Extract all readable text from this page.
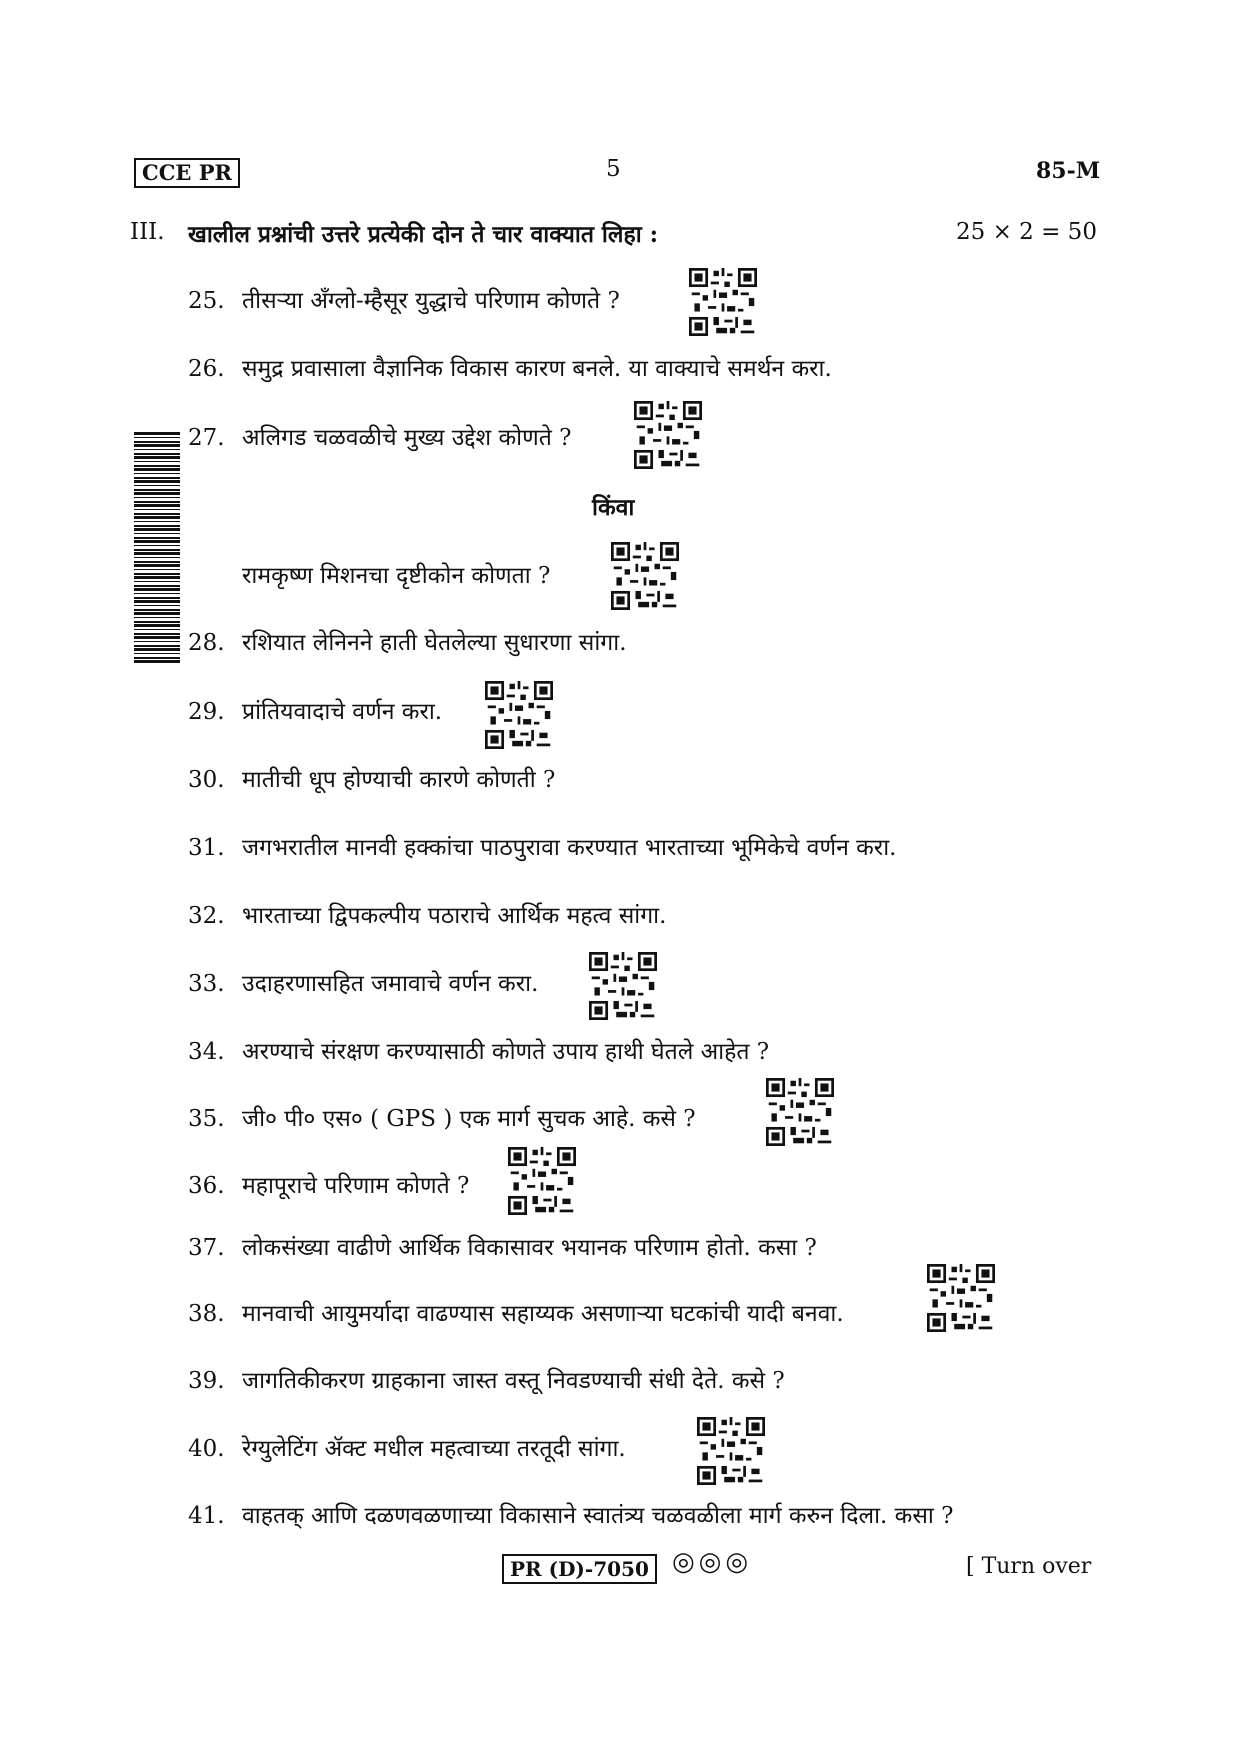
CCE PR	5	85-M
III. खालील प्रश्नांची उत्तरे प्रत्येकी दोन ते चार वाक्यात लिहा :	25 × 2 = 50
25. तीसऱ्या ॲंग्लो-म्हैसूर युद्धाचे परिणाम कोणते ?
26. समुद्र प्रवासाला वैज्ञानिक विकास कारण बनले. या वाक्याचे समर्थन करा.
27. अलिगड चळवळीचे मुख्य उद्देश कोणते ?
किंवा
रामकृष्ण मिशनचा दृष्टीकोन कोणता ?
28. रशियात लेनिनने हाती घेतलेल्या सुधारणा सांगा.
29. प्रांतियवादाचे वर्णन करा.
30. मातीची धूप होण्याची कारणे कोणती ?
31. जगभरातील मानवी हक्कांचा पाठपुरावा करण्यात भारताच्या भूमिकेचे वर्णन करा.
32. भारताच्या द्विपकल्पीय पठाराचे आर्थिक महत्व सांगा.
33. उदाहरणासहित जमावाचे वर्णन करा.
34. अरण्याचे संरक्षण करण्यासाठी कोणते उपाय हाथी घेतले आहेत ?
35. जी० पी० एस० ( GPS ) एक मार्ग सुचक आहे. कसे ?
36. महापूराचे परिणाम कोणते ?
37. लोकसंख्या वाढीणे आर्थिक विकासावर भयानक परिणाम होतो. कसा ?
38. मानवाची आयुमर्यादा वाढण्यास सहाय्यक असणाऱ्या घटकांची यादी बनवा.
39. जागतिकीकरण ग्राहकाना जास्त वस्तू निवडण्याची संधी देते. कसे ?
40. रेग्युलेटिंग ॲक्ट मधील महत्वाच्या तरतूदी सांगा.
41. वाहतक् आणि दळणवळणाच्या विकासाने स्वातंत्र्य चळवळीला मार्ग करुन दिला. कसा ?
PR (D)-7050 ◎◎◎	[ Turn over
